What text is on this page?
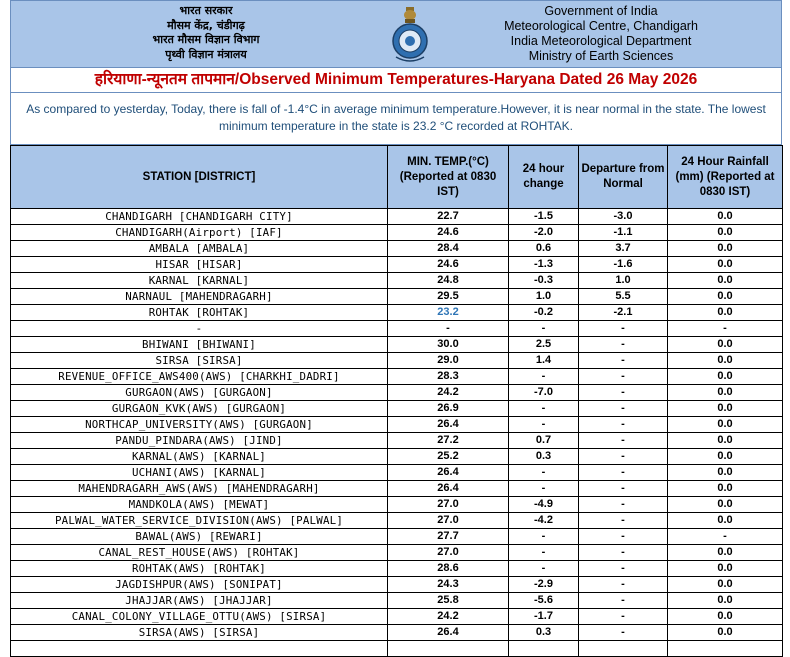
भारत सरकार
मौसम केंद्र, चंडीगढ़
भारत मौसम विज्ञान विभाग
पृथ्वी विज्ञान मंत्रालय
Government of India
Meteorological Centre, Chandigarh
India Meteorological Department
Ministry of Earth Sciences
हरियाणा-न्यूनतम तापमान/Observed Minimum Temperatures-Haryana Dated 26 May 2026
As compared to yesterday, Today, there is fall of -1.4°C in average minimum temperature.However, it is near normal in the state. The lowest minimum temperature in the state is 23.2 °C recorded at ROHTAK.
STATION [DISTRICT]	MIN. TEMP.(°C) (Reported at 0830 IST)	24 hour change	Departure from Normal	24 Hour Rainfall (mm) (Reported at 0830 IST)
CHANDIGARH [CHANDIGARH CITY]	22.7	-1.5	-3.0	0.0
CHANDIGARH(Airport) [IAF]	24.6	-2.0	-1.1	0.0
AMBALA [AMBALA]	28.4	0.6	3.7	0.0
HISAR [HISAR]	24.6	-1.3	-1.6	0.0
KARNAL [KARNAL]	24.8	-0.3	1.0	0.0
NARNAUL [MAHENDRAGARH]	29.5	1.0	5.5	0.0
ROHTAK [ROHTAK]	23.2	-0.2	-2.1	0.0
-	-	-	-	-
BHIWANI [BHIWANI]	30.0	2.5	-	0.0
SIRSA [SIRSA]	29.0	1.4	-	0.0
REVENUE_OFFICE_AWS400(AWS) [CHARKHI_DADRI]	28.3	-	-	0.0
GURGAON(AWS) [GURGAON]	24.2	-7.0	-	0.0
GURGAON_KVK(AWS) [GURGAON]	26.9	-	-	0.0
NORTHCAP_UNIVERSITY(AWS) [GURGAON]	26.4	-	-	0.0
PANDU_PINDARA(AWS) [JIND]	27.2	0.7	-	0.0
KARNAL(AWS) [KARNAL]	25.2	0.3	-	0.0
UCHANI(AWS) [KARNAL]	26.4	-	-	0.0
MAHENDRAGARH_AWS(AWS) [MAHENDRAGARH]	26.4	-	-	0.0
MANDKOLA(AWS) [MEWAT]	27.0	-4.9	-	0.0
PALWAL_WATER_SERVICE_DIVISION(AWS) [PALWAL]	27.0	-4.2	-	0.0
BAWAL(AWS) [REWARI]	27.7	-	-	-
CANAL_REST_HOUSE(AWS) [ROHTAK]	27.0	-	-	0.0
ROHTAK(AWS) [ROHTAK]	28.6	-	-	0.0
JAGDISHPUR(AWS) [SONIPAT]	24.3	-2.9	-	0.0
JHAJJAR(AWS) [JHAJJAR]	25.8	-5.6	-	0.0
CANAL_COLONY_VILLAGE_OTTU(AWS) [SIRSA]	24.2	-1.7	-	0.0
SIRSA(AWS) [SIRSA]	26.4	0.3	-	0.0
